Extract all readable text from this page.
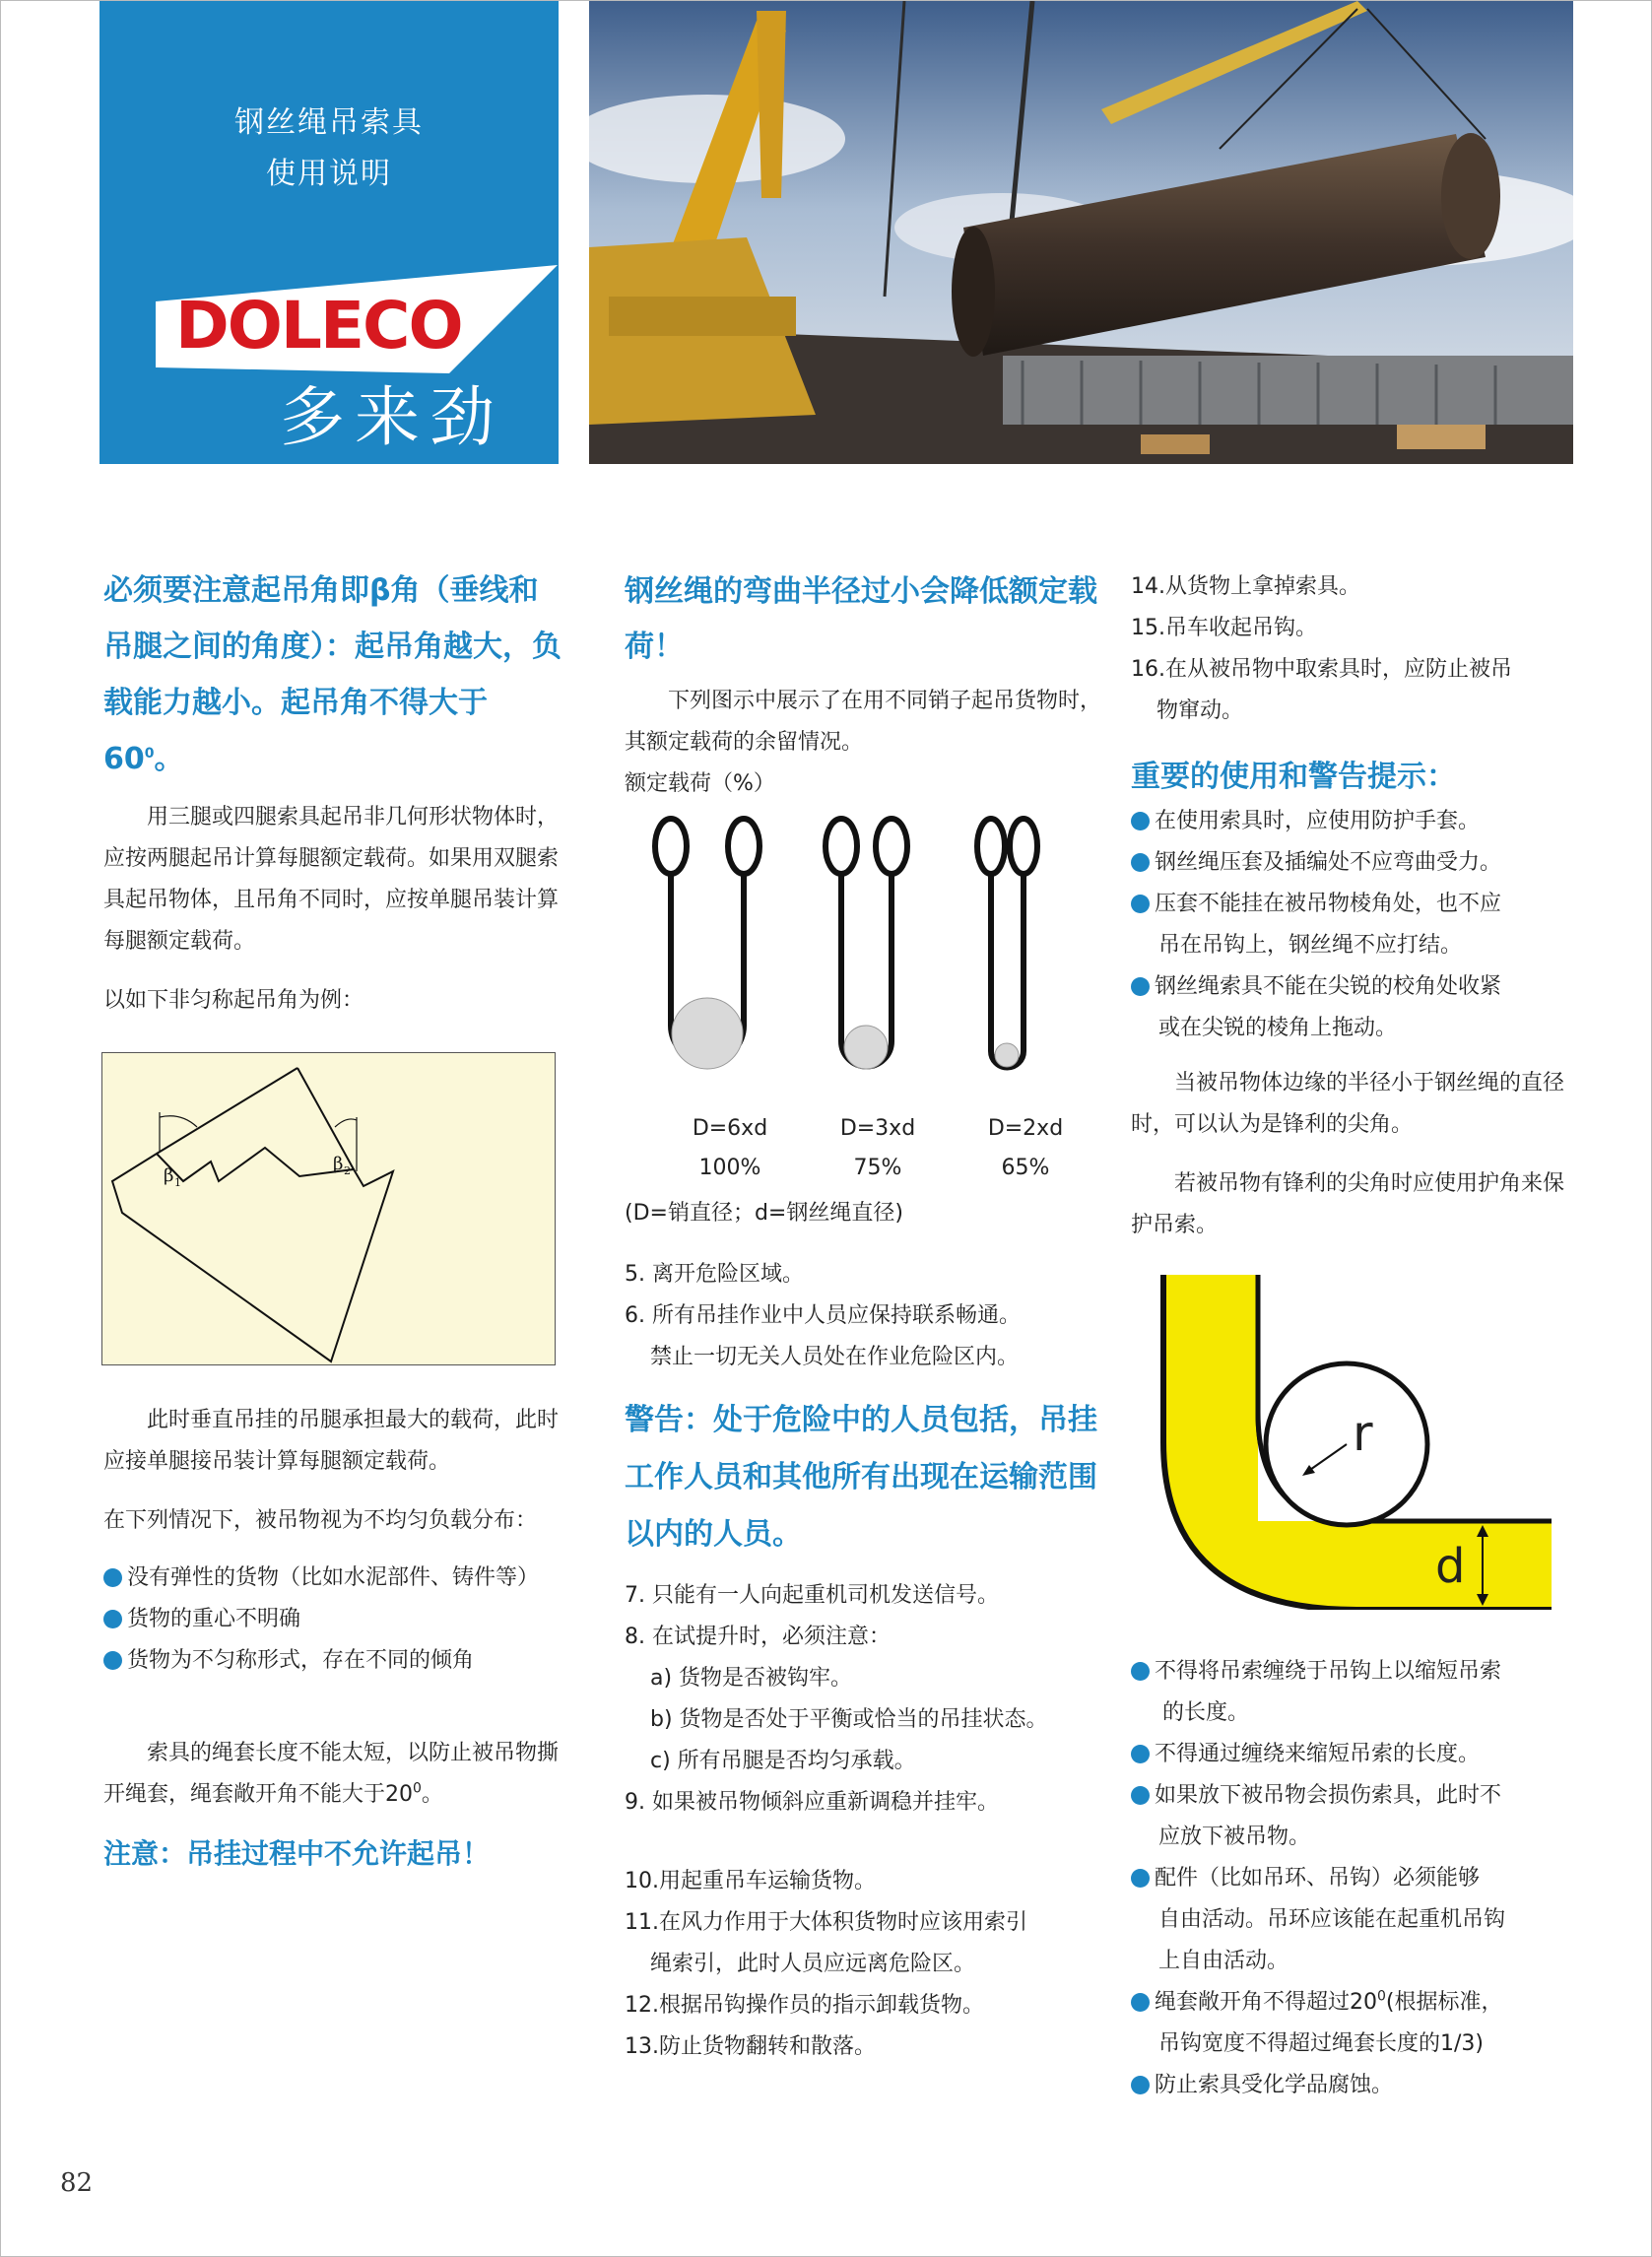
钢丝绳吊索具
使用说明
DOLECO
多来劲
必须要注意起吊角即β角（垂线和吊腿之间的角度）：起吊角越大，负载能力越小。起吊角不得大于$60^0$。
用三腿或四腿索具起吊非几何形状物体时，应按两腿起吊计算每腿额定载荷。如果用双腿索具起吊物体，且吊角不同时，应按单腿吊装计算每腿额定载荷。
以如下非匀称起吊角为例：
β 1
β 2
此时垂直吊挂的吊腿承担最大的载荷，此时应接单腿接吊装计算每腿额定载荷。
在下列情况下，被吊物视为不均匀负载分布：
没有弹性的货物（比如水泥部件、铸件等）
货物的重心不明确
货物为不匀称形式，存在不同的倾角
索具的绳套长度不能太短，以防止被吊物撕开绳套，绳套敞开角不能大于$20^0$。
注意：吊挂过程中不允许起吊！
钢丝绳的弯曲半径过小会降低额定载荷！
下列图示中展示了在用不同销子起吊货物时，其额定载荷的余留情况。
额定载荷（%）
D=6xd
100%
D=3xd
75%
D=2xd
65%
(D=销直径；d=钢丝绳直径)
5. 离开危险区域。
6. 所有吊挂作业中人员应保持联系畅通。
禁止一切无关人员处在作业危险区内。
警告：处于危险中的人员包括，吊挂工作人员和其他所有出现在运输范围以内的人员。
7. 只能有一人向起重机司机发送信号。
8. 在试提升时，必须注意：
a) 货物是否被钩牢。
b) 货物是否处于平衡或恰当的吊挂状态。
c) 所有吊腿是否均匀承载。
9. 如果被吊物倾斜应重新调稳并挂牢。
10.用起重吊车运输货物。
11.在风力作用于大体积货物时应该用索引
绳索引，此时人员应远离危险区。
12.根据吊钩操作员的指示卸载货物。
13.防止货物翻转和散落。
14.从货物上拿掉索具。
15.吊车收起吊钩。
16.在从被吊物中取索具时，应防止被吊
物窜动。
重要的使用和警告提示：
在使用索具时，应使用防护手套。
钢丝绳压套及插编处不应弯曲受力。
压套不能挂在被吊物棱角处，也不应
吊在吊钩上，钢丝绳不应打结。
钢丝绳索具不能在尖锐的校角处收紧
或在尖锐的棱角上拖动。
当被吊物体边缘的半径小于钢丝绳的直径时，可以认为是锋利的尖角。
若被吊物有锋利的尖角时应使用护角来保护吊索。
r
d
不得将吊索缠绕于吊钩上以缩短吊索
的长度。
不得通过缠绕来缩短吊索的长度。
如果放下被吊物会损伤索具，此时不
应放下被吊物。
配件（比如吊环、吊钩）必须能够
自由活动。吊环应该能在起重机吊钩
上自由活动。
绳套敞开角不得超过$20^0$(根据标准，
吊钩宽度不得超过绳套长度的1/3)
防止索具受化学品腐蚀。
82
